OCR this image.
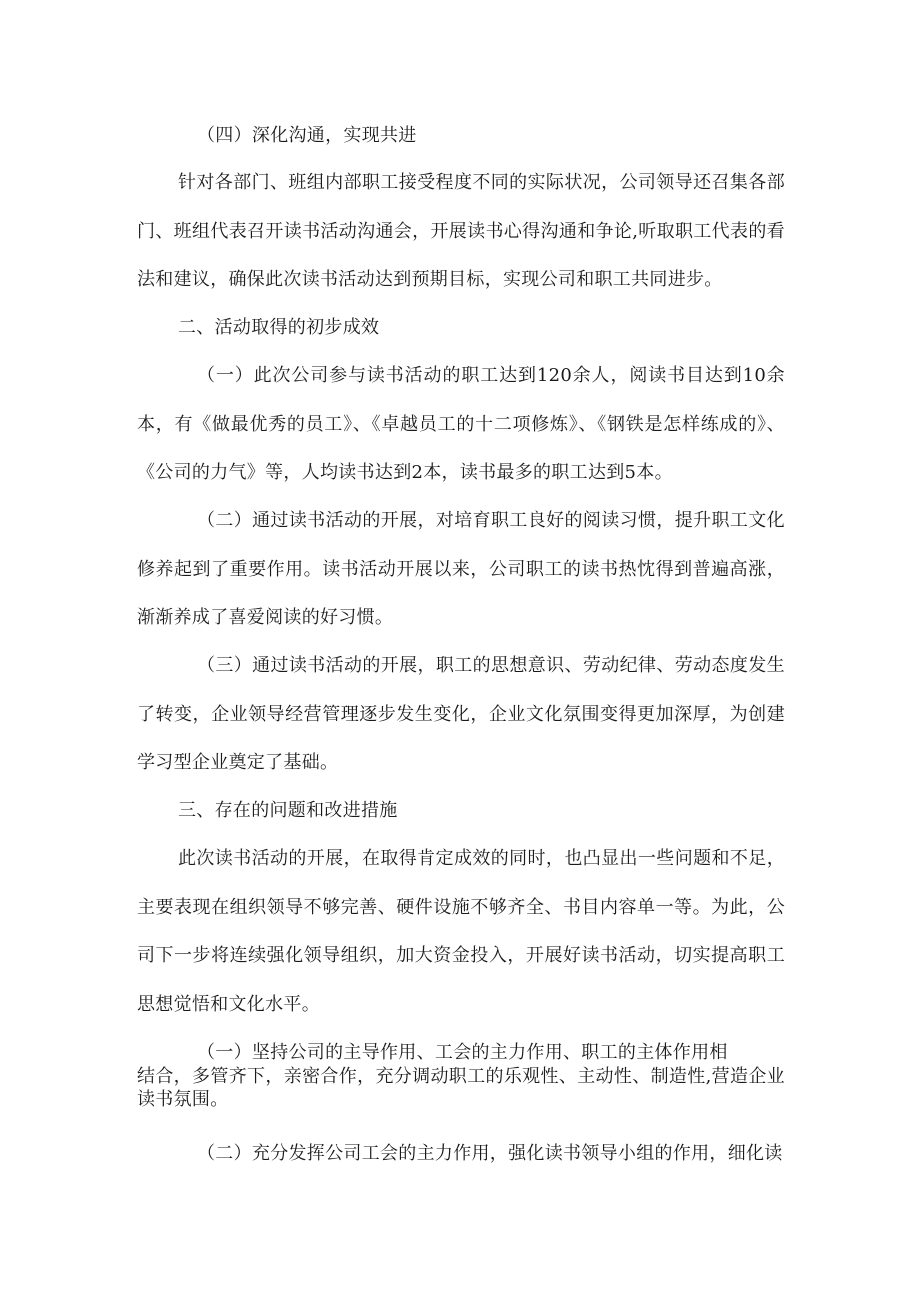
（四）深化沟通，实现共进

针对各部门、班组内部职工接受程度不同的实际状况，公司领导还召集各部门、班组代表召开读书活动沟通会，开展读书心得沟通和争论,听取职工代表的看法和建议，确保此次读书活动达到预期目标，实现公司和职工共同进步。

二、活动取得的初步成效

（一）此次公司参与读书活动的职工达到120余人，阅读书目达到10余本，有《做最优秀的员工》、《卓越员工的十二项修炼》、《钢铁是怎样练成的》、《公司的力气》等，人均读书达到2本，读书最多的职工达到5本。

（二）通过读书活动的开展，对培育职工良好的阅读习惯，提升职工文化修养起到了重要作用。读书活动开展以来，公司职工的读书热忱得到普遍高涨，渐渐养成了喜爱阅读的好习惯。

（三）通过读书活动的开展，职工的思想意识、劳动纪律、劳动态度发生了转变，企业领导经营管理逐步发生变化，企业文化氛围变得更加深厚，为创建学习型企业奠定了基础。

三、存在的问题和改进措施

此次读书活动的开展，在取得肯定成效的同时，也凸显出一些问题和不足，主要表现在组织领导不够完善、硬件设施不够齐全、书目内容单一等。为此，公司下一步将连续强化领导组织，加大资金投入，开展好读书活动，切实提高职工思想觉悟和文化水平。

（一）坚持公司的主导作用、工会的主力作用、职工的主体作用相

结合，多管齐下，亲密合作，充分调动职工的乐观性、主动性、制造性,营造企业读书氛围。

（二）充分发挥公司工会的主力作用，强化读书领导小组的作用，细化读
